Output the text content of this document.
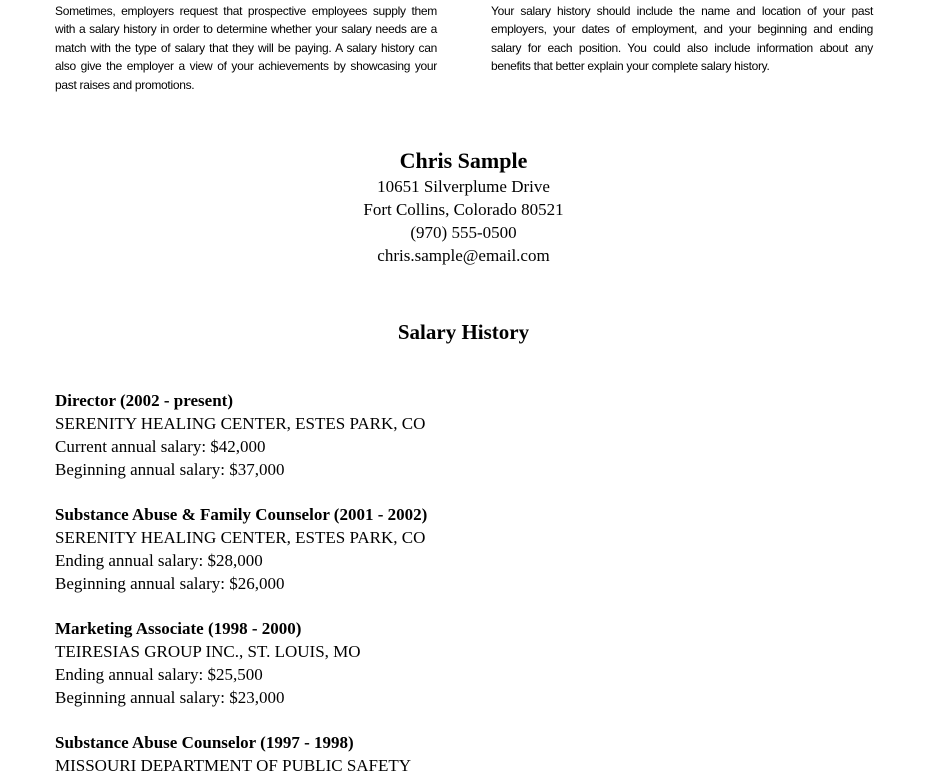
Sometimes, employers request that prospective employees supply them with a salary history in order to determine whether your salary needs are a match with the type of salary that they will be paying. A salary history can also give the employer a view of your achievements by showcasing your past raises and promotions.
Your salary history should include the name and location of your past employers, your dates of employment, and your beginning and ending salary for each position. You could also include information about any benefits that better explain your complete salary history.
Chris Sample
10651 Silverplume Drive
Fort Collins, Colorado 80521
(970) 555-0500
chris.sample@email.com
Salary History
Director (2002 - present)
SERENITY HEALING CENTER, ESTES PARK, CO
Current annual salary: $42,000
Beginning annual salary: $37,000
Substance Abuse & Family Counselor (2001 - 2002)
SERENITY HEALING CENTER, ESTES PARK, CO
Ending annual salary: $28,000
Beginning annual salary: $26,000
Marketing Associate (1998 - 2000)
TEIRESIAS GROUP INC., ST. LOUIS, MO
Ending annual salary: $25,500
Beginning annual salary: $23,000
Substance Abuse Counselor (1997 - 1998)
MISSOURI DEPARTMENT OF PUBLIC SAFETY
